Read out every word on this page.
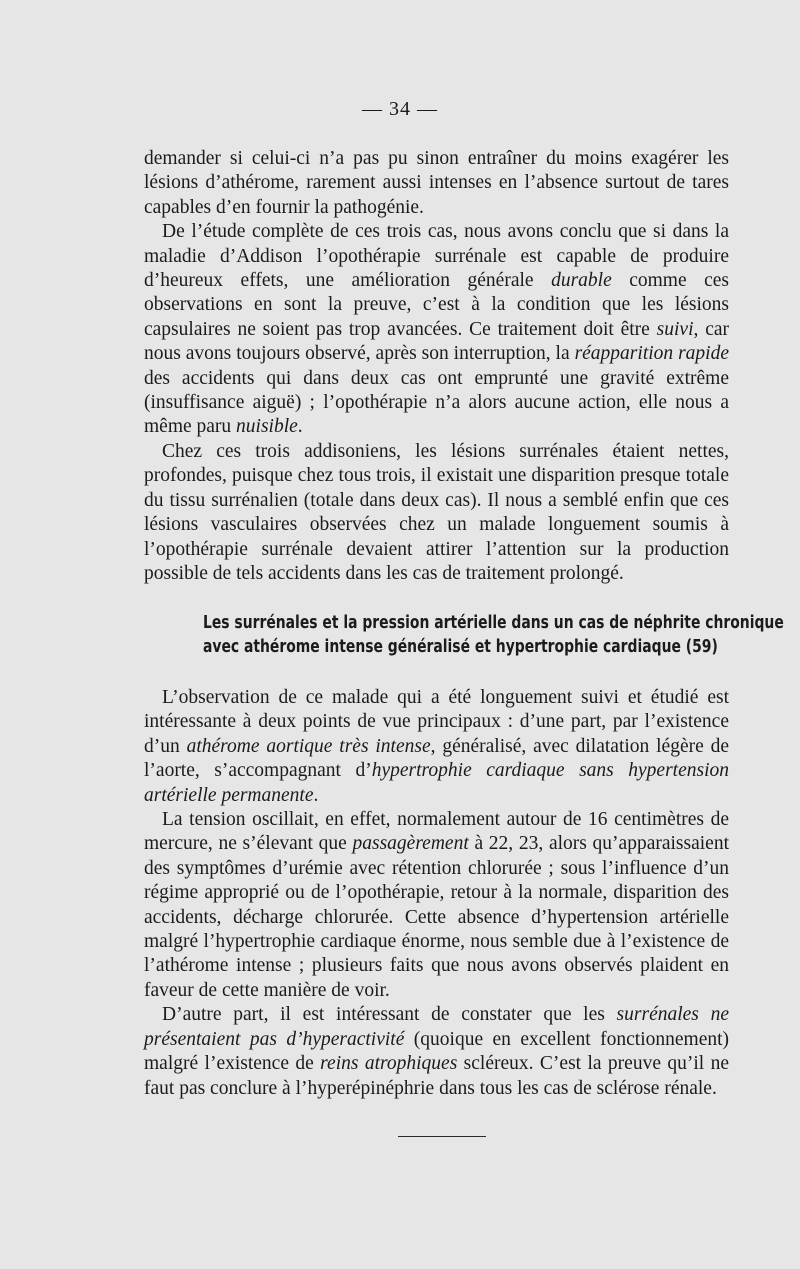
— 34 —

demander si celui-ci n’a pas pu sinon entraîner du moins exagérer les lésions d’athérome, rarement aussi intenses en l’absence surtout de tares capables d’en fournir la pathogénie.

De l’étude complète de ces trois cas, nous avons conclu que si dans la maladie d’Addison l’opothérapie surrénale est capable de produire d’heureux effets, une amélioration générale durable comme ces observations en sont la preuve, c’est à la condition que les lésions capsulaires ne soient pas trop avancées. Ce traitement doit être suivi, car nous avons toujours observé, après son interruption, la réapparition rapide des accidents qui dans deux cas ont emprunté une gravité extrême (insuffisance aiguë) ; l’opothérapie n’a alors aucune action, elle nous a même paru nuisible.

Chez ces trois addisoniens, les lésions surrénales étaient nettes, profondes, puisque chez tous trois, il existait une disparition presque totale du tissu surrénalien (totale dans deux cas). Il nous a semblé enfin que ces lésions vasculaires observées chez un malade longuement soumis à l’opothérapie surrénale devaient attirer l’attention sur la production possible de tels accidents dans les cas de traitement prolongé.

Les surrénales et la pression artérielle dans un cas de néphrite chronique
avec athérome intense généralisé et hypertrophie cardiaque (59)

L’observation de ce malade qui a été longuement suivi et étudié est intéressante à deux points de vue principaux : d’une part, par l’existence d’un athérome aortique très intense, généralisé, avec dilatation légère de l’aorte, s’accompagnant d’hypertrophie cardiaque sans hypertension artérielle permanente.

La tension oscillait, en effet, normalement autour de 16 centimètres de mercure, ne s’élevant que passagèrement à 22, 23, alors qu’apparaissaient des symptômes d’urémie avec rétention chlorurée ; sous l’influence d’un régime approprié ou de l’opothérapie, retour à la normale, disparition des accidents, décharge chlorurée. Cette absence d’hypertension artérielle malgré l’hypertrophie cardiaque énorme, nous semble due à l’existence de l’athérome intense ; plusieurs faits que nous avons observés plaident en faveur de cette manière de voir.

D’autre part, il est intéressant de constater que les surrénales ne présentaient pas d’hyperactivité (quoique en excellent fonctionnement) malgré l’existence de reins atrophiques scléreux. C’est la preuve qu’il ne faut pas conclure à l’hyperépinéphrie dans tous les cas de sclérose rénale.
